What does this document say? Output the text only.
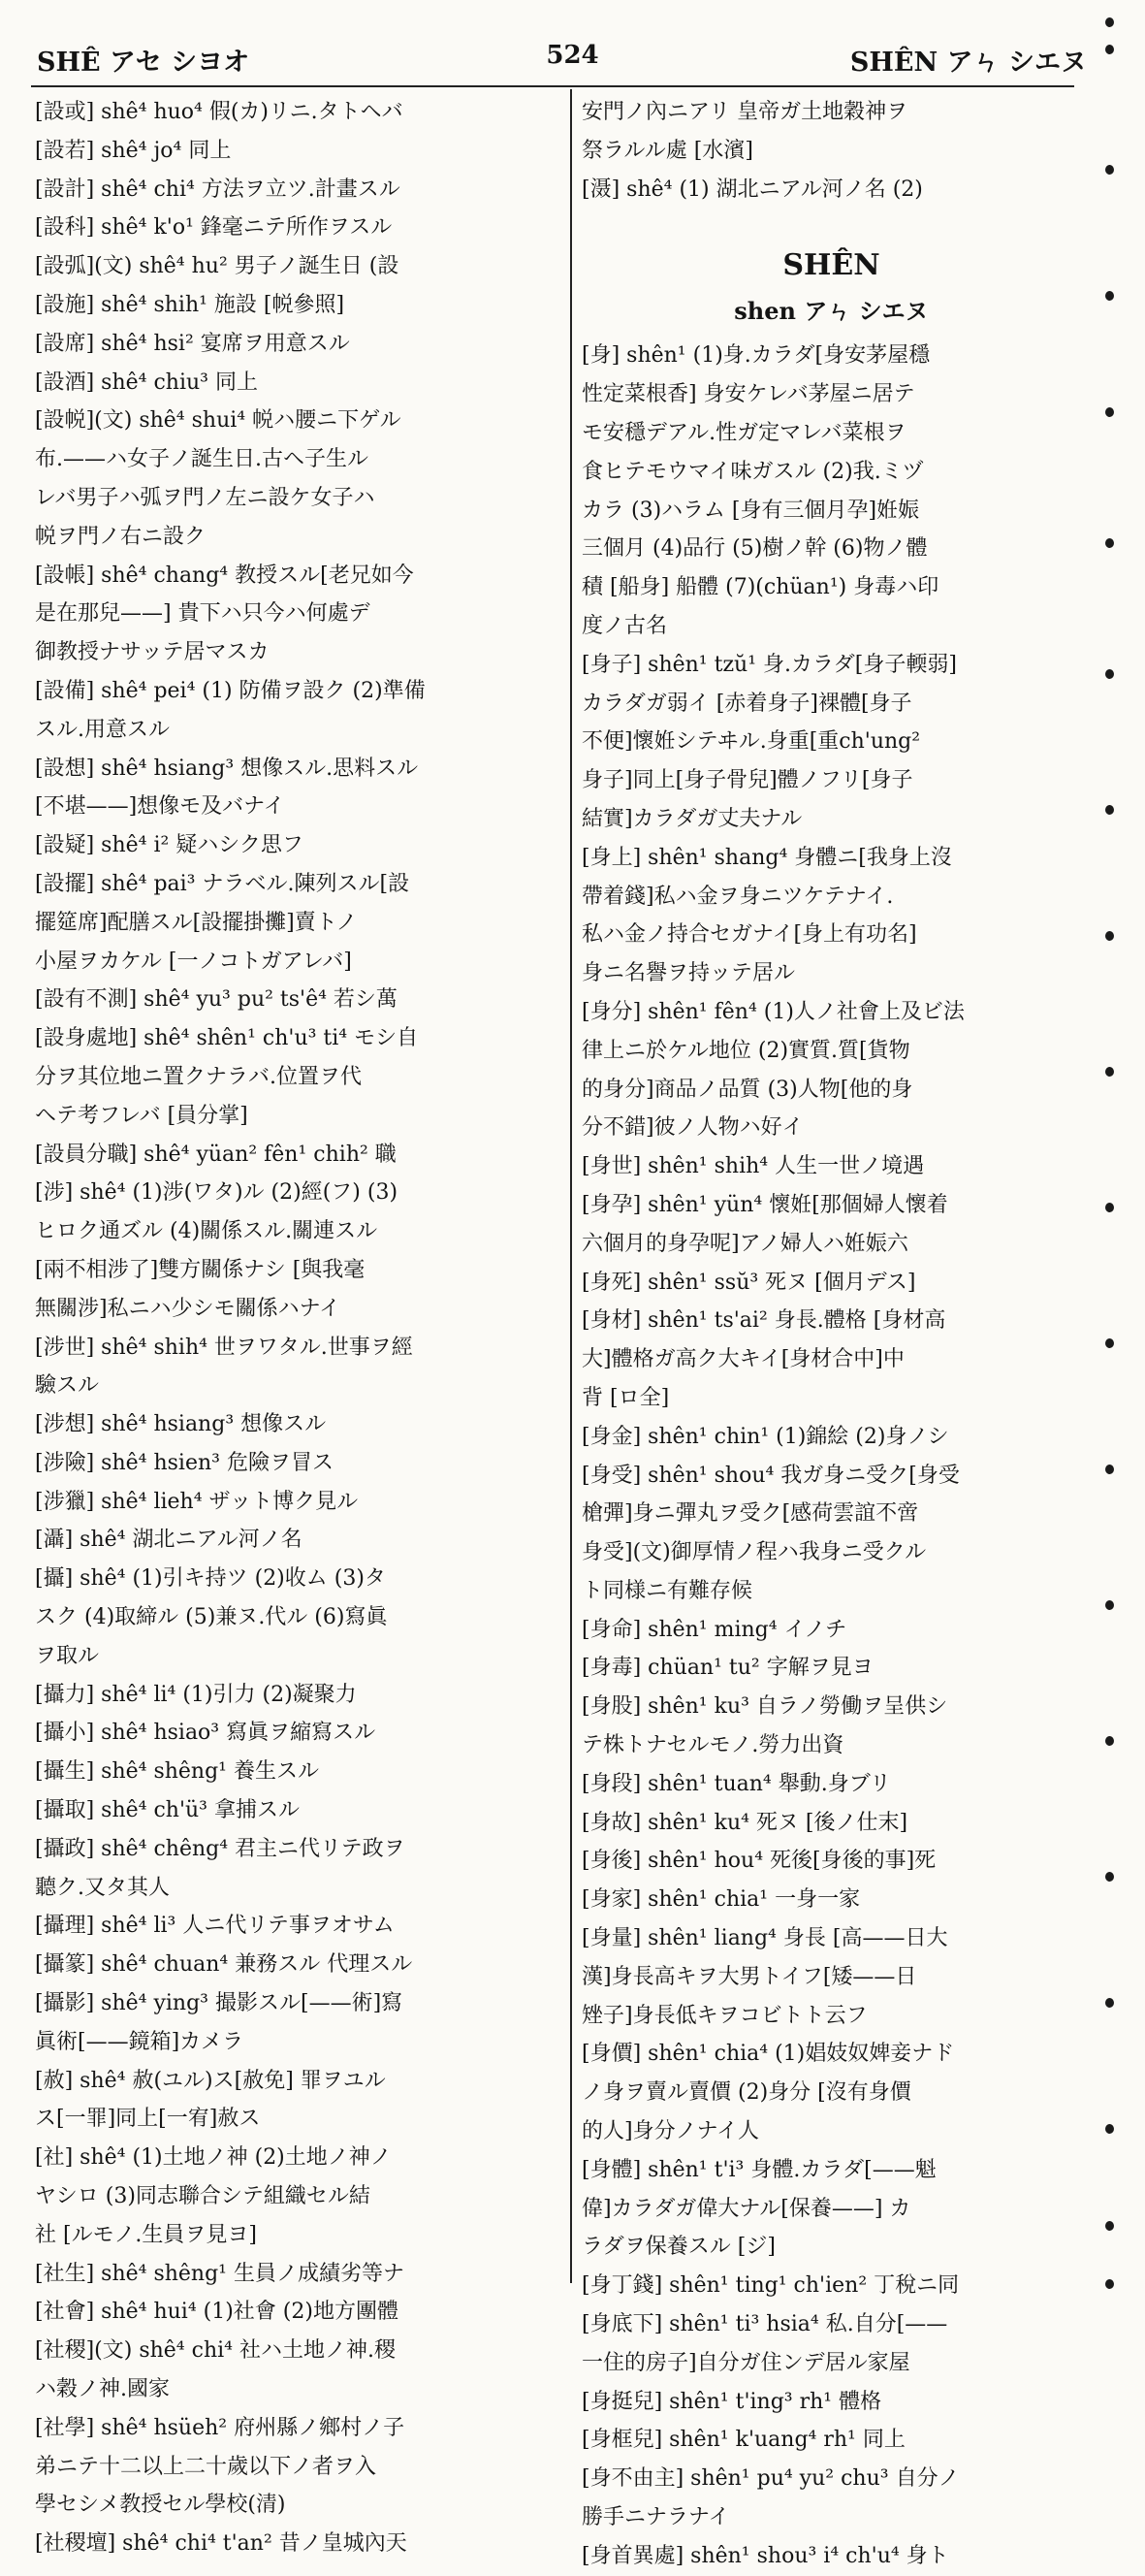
SHÊ アセ シヨオ	524	SHÊN アㄣ シエヌ
[設或] shê⁴ huo⁴ 假(カ)リニ.タトヘバ
[設若] shê⁴ jo⁴ 同上
[設計] shê⁴ chi⁴ 方法ヲ立ツ.計畫スル
[設科] shê⁴ k'o¹ 鋒毫ニテ所作ヲスル
[設弧](文) shê⁴ hu² 男子ノ誕生日 (設
[設施] shê⁴ shih¹ 施設 [帨參照]
[設席] shê⁴ hsi² 宴席ヲ用意スル
[設酒] shê⁴ chiu³ 同上
[設帨](文) shê⁴ shui⁴ 帨ハ腰ニ下ゲル
布.——ハ女子ノ誕生日.古ヘ子生ル
レバ男子ハ弧ヲ門ノ左ニ設ケ女子ハ
帨ヲ門ノ右ニ設ク
[設帳] shê⁴ chang⁴ 教授スル[老兄如今
是在那兒——] 貴下ハ只今ハ何處デ
御教授ナサッテ居マスカ
[設備] shê⁴ pei⁴ (1) 防備ヲ設ク (2)準備
スル.用意スル
[設想] shê⁴ hsiang³ 想像スル.思料スル
[不堪——]想像モ及バナイ
[設疑] shê⁴ i² 疑ハシク思フ
[設擺] shê⁴ pai³ ナラベル.陳列スル[設
擺筵席]配膳スル[設擺掛攤]賣トノ
小屋ヲカケル [一ノコトガアレバ]
[設有不測] shê⁴ yu³ pu² ts'ê⁴ 若シ萬
[設身處地] shê⁴ shên¹ ch'u³ ti⁴ モシ自
分ヲ其位地ニ置クナラバ.位置ヲ代
ヘテ考フレバ [員分掌]
[設員分職] shê⁴ yüan² fên¹ chih² 職
[涉] shê⁴ (1)涉(ワタ)ル (2)經(フ) (3)
ヒロク通ズル (4)關係スル.關連スル
[兩不相涉了]雙方關係ナシ [與我毫
無關涉]私ニハ少シモ關係ハナイ
[涉世] shê⁴ shih⁴ 世ヲワタル.世事ヲ經
驗スル
[涉想] shê⁴ hsiang³ 想像スル
[涉險] shê⁴ hsien³ 危險ヲ冒ス
[涉獵] shê⁴ lieh⁴ ザット博ク見ル
[灄] shê⁴ 湖北ニアル河ノ名
[攝] shê⁴ (1)引キ持ツ (2)收ム (3)タ
スク (4)取締ル (5)兼ヌ.代ル (6)寫眞
ヲ取ル
[攝力] shê⁴ li⁴ (1)引力 (2)凝聚力
[攝小] shê⁴ hsiao³ 寫眞ヲ縮寫スル
[攝生] shê⁴ shêng¹ 養生スル
[攝取] shê⁴ ch'ü³ 拿捕スル
[攝政] shê⁴ chêng⁴ 君主ニ代リテ政ヲ
聽ク.又タ其人
[攝理] shê⁴ li³ 人ニ代リテ事ヲオサム
[攝篆] shê⁴ chuan⁴ 兼務スル 代理スル
[攝影] shê⁴ ying³ 撮影スル[——術]寫
眞術[——鏡箱]カメラ
[赦] shê⁴ 赦(ユル)ス[赦免] 罪ヲユル
ス[一罪]同上[一宥]赦ス
[社] shê⁴ (1)土地ノ神 (2)土地ノ神ノ
ヤシロ (3)同志聯合シテ組織セル結
社 [ルモノ.生員ヲ見ヨ]
[社生] shê⁴ shêng¹ 生員ノ成績劣等ナ
[社會] shê⁴ hui⁴ (1)社會 (2)地方團體
[社稷](文) shê⁴ chi⁴ 社ハ土地ノ神.稷
ハ穀ノ神.國家
[社學] shê⁴ hsüeh² 府州縣ノ鄉村ノ子
弟ニテ十二以上二十歲以下ノ者ヲ入
學セシメ教授セル學校(清)
[社稷壇] shê⁴ chi⁴ t'an² 昔ノ皇城內天
安門ノ內ニアリ 皇帝ガ土地穀神ヲ
祭ラルル處 [水濱]
[滠] shê⁴ (1) 湖北ニアル河ノ名 (2)
SHÊN
shen アㄣ シエヌ
[身] shên¹ (1)身.カラダ[身安茅屋穩
性定菜根香] 身安ケレバ茅屋ニ居テ
モ安穩デアル.性ガ定マレバ菜根ヲ
食ヒテモウマイ味ガスル (2)我.ミヅ
カラ (3)ハラム [身有三個月孕]姙娠
三個月 (4)品行 (5)樹ノ幹 (6)物ノ體
積 [船身] 船體 (7)(chüan¹) 身毒ハ印
度ノ古名
[身子] shên¹ tzŭ¹ 身.カラダ[身子輭弱]
カラダガ弱イ [赤着身子]裸體[身子
不便]懷姙シテヰル.身重[重ch'ung²
身子]同上[身子骨兒]體ノフリ[身子
結實]カラダガ丈夫ナル
[身上] shên¹ shang⁴ 身體ニ[我身上沒
帶着錢]私ハ金ヲ身ニツケテナイ.
私ハ金ノ持合セガナイ[身上有功名]
身ニ名譽ヲ持ッテ居ル
[身分] shên¹ fên⁴ (1)人ノ社會上及ビ法
律上ニ於ケル地位 (2)實質.質[貨物
的身分]商品ノ品質 (3)人物[他的身
分不錯]彼ノ人物ハ好イ
[身世] shên¹ shih⁴ 人生一世ノ境遇
[身孕] shên¹ yün⁴ 懷姙[那個婦人懷着
六個月的身孕呢]アノ婦人ハ姙娠六
[身死] shên¹ ssŭ³ 死ヌ [個月デス]
[身材] shên¹ ts'ai² 身長.體格 [身材高
大]體格ガ高ク大キイ[身材合中]中
背 [ロ全]
[身金] shên¹ chin¹ (1)錦絵 (2)身ノシ
[身受] shên¹ shou⁴ 我ガ身ニ受ク[身受
槍彈]身ニ彈丸ヲ受ク[感荷雲誼不啻
身受](文)御厚情ノ程ハ我身ニ受クル
ト同様ニ有難存候
[身命] shên¹ ming⁴ イノチ
[身毒] chüan¹ tu² 字解ヲ見ヨ
[身股] shên¹ ku³ 自ラノ勞働ヲ呈供シ
テ株トナセルモノ.勞力出資
[身段] shên¹ tuan⁴ 舉動.身ブリ
[身故] shên¹ ku⁴ 死ヌ [後ノ仕末]
[身後] shên¹ hou⁴ 死後[身後的事]死
[身家] shên¹ chia¹ 一身一家
[身量] shên¹ liang⁴ 身長 [高——日大
漢]身長高キヲ大男トイフ[矮——日
矬子]身長低キヲコビトト云フ
[身價] shên¹ chia⁴ (1)娼妓奴婢妾ナド
ノ身ヲ賣ル賣價 (2)身分 [沒有身價
的人]身分ノナイ人
[身體] shên¹ t'i³ 身體.カラダ[——魁
偉]カラダガ偉大ナル[保養——] カ
ラダヲ保養スル [ジ]
[身丁錢] shên¹ ting¹ ch'ien² 丁稅ニ同
[身底下] shên¹ ti³ hsia⁴ 私.自分[——
一住的房子]自分ガ住ンデ居ル家屋
[身挺兒] shên¹ t'ing³ rh¹ 體格
[身框兒] shên¹ k'uang⁴ rh¹ 同上
[身不由主] shên¹ pu⁴ yu² chu³ 自分ノ
勝手ニナラナイ
[身首異處] shên¹ shou³ i⁴ ch'u⁴ 身ト
